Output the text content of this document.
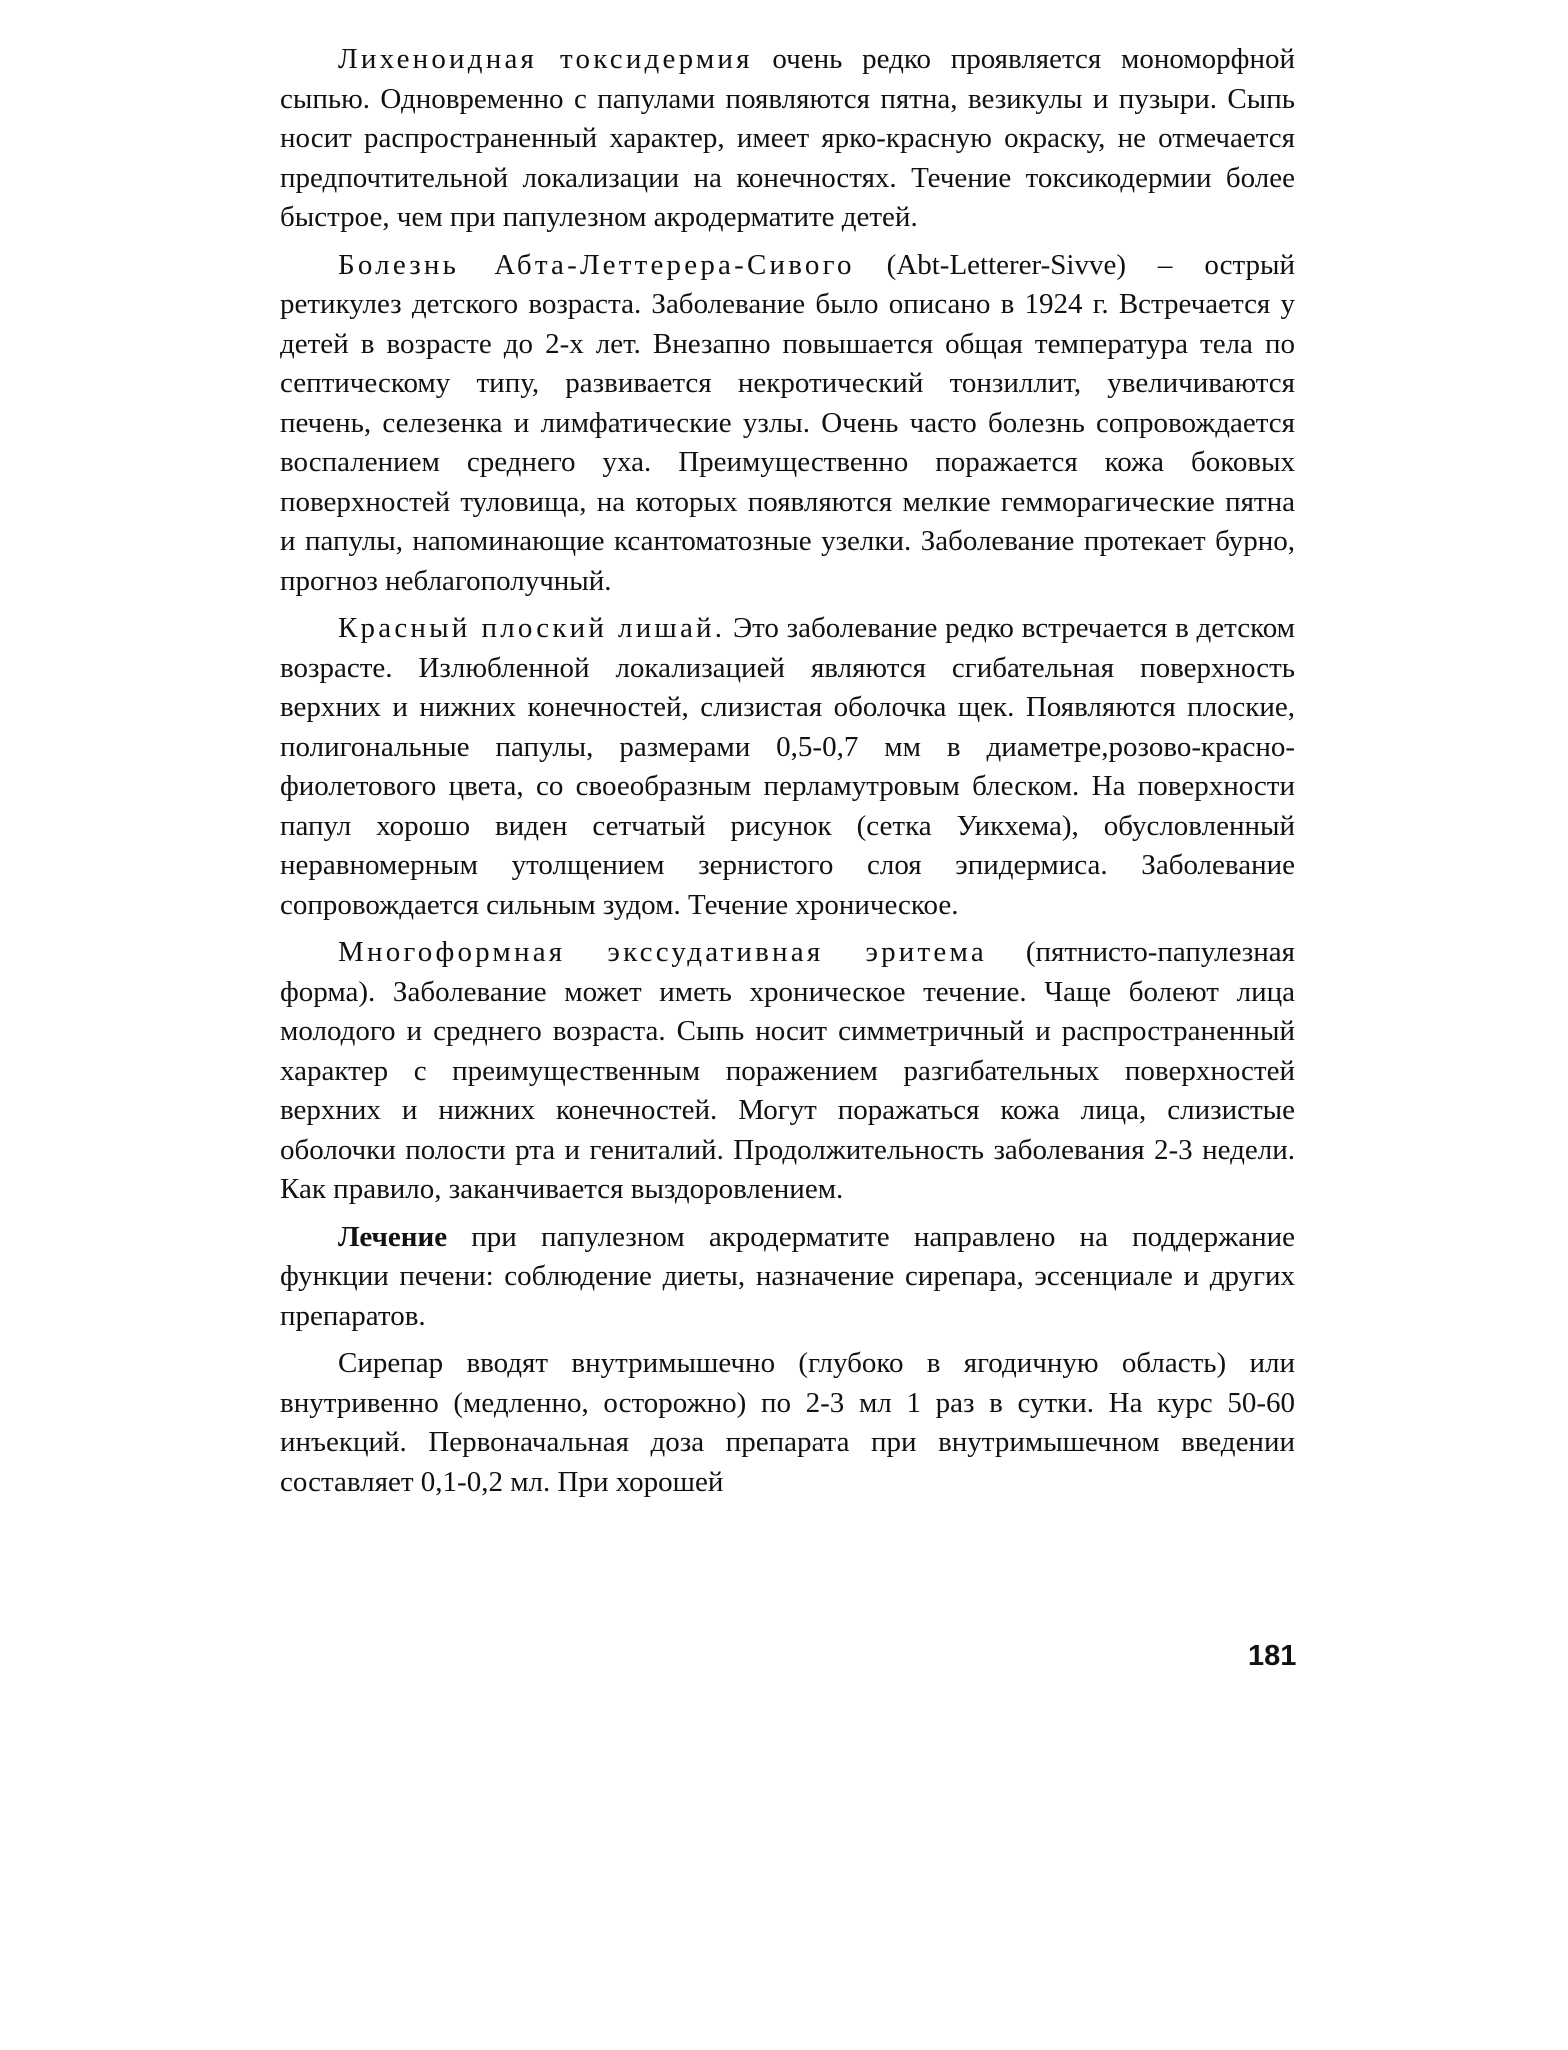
Лихеноидная токсидермия очень редко проявляется мономорфной сыпью. Одновременно с папулами появляются пятна, везикулы и пузыри. Сыпь носит распространенный характер, имеет ярко-красную окраску, не отмечается предпочтительной локализации на конечностях. Течение токсикодермии более быстрое, чем при папулезном акродерматите детей.

Болезнь Абта-Леттерера-Сивого (Abt-Letterer-Sivve) – острый ретикулез детского возраста. Заболевание было описано в 1924 г. Встречается у детей в возрасте до 2-х лет. Внезапно повышается общая температура тела по септическому типу, развивается некротический тонзиллит, увеличиваются печень, селезенка и лимфатические узлы. Очень часто болезнь сопровождается воспалением среднего уха. Преимущественно поражается кожа боковых поверхностей туловища, на которых появляются мелкие гемморагические пятна и папулы, напоминающие ксантоматозные узелки. Заболевание протекает бурно, прогноз неблагополучный.

Красный плоский лишай. Это заболевание редко встречается в детском возрасте. Излюбленной локализацией являются сгибательная поверхность верхних и нижних конечностей, слизистая оболочка щек. Появляются плоские, полигональные папулы, размерами 0,5-0,7 мм в диаметре,розово-красно-фиолетового цвета, со своеобразным перламутровым блеском. На поверхности папул хорошо виден сетчатый рисунок (сетка Уикхема), обусловленный неравномерным утолщением зернистого слоя эпидермиса. Заболевание сопровождается сильным зудом. Течение хроническое.

Многоформная экссудативная эритема (пятнисто-папулезная форма). Заболевание может иметь хроническое течение. Чаще болеют лица молодого и среднего возраста. Сыпь носит симметричный и распространенный характер с преимущественным поражением разгибательных поверхностей верхних и нижних конечностей. Могут поражаться кожа лица, слизистые оболочки полости рта и гениталий. Продолжительность заболевания 2-3 недели. Как правило, заканчивается выздоровлением.

Лечение при папулезном акродерматите направлено на поддержание функции печени: соблюдение диеты, назначение сирепара, эссенциале и других препаратов.

Сирепар вводят внутримышечно (глубоко в ягодичную область) или внутривенно (медленно, осторожно) по 2-3 мл 1 раз в сутки. На курс 50-60 инъекций. Первоначальная доза препарата при внутримышечном введении составляет 0,1-0,2 мл. При хорошей

181
